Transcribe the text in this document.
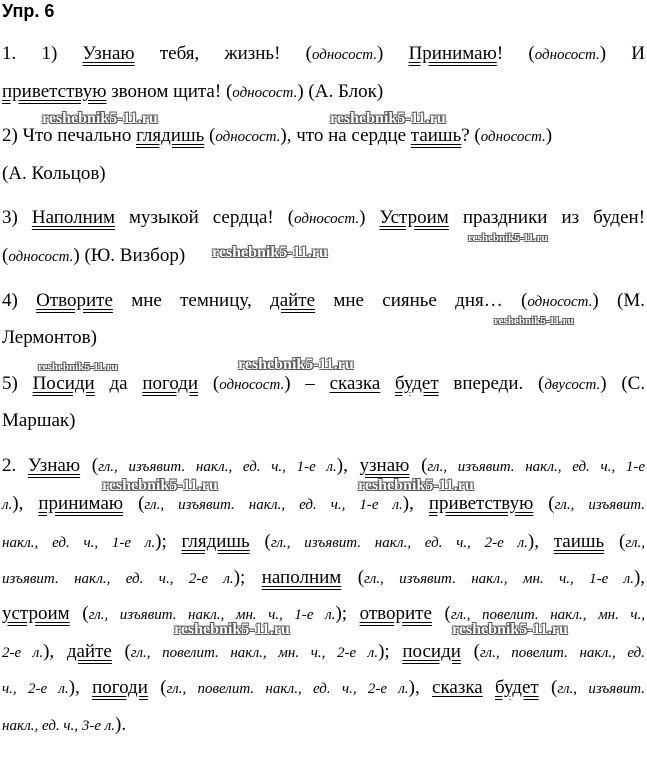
Упр. 6
1. 1) Узнаю тебя, жизнь! (односост.) Принимаю! (односост.) И
приветствую звоном щита! (односост.) (А. Блок)
2) Что печально глядишь (односост.), что на сердце таишь? (односост.)
(А. Кольцов)
3) Наполним музыкой сердца! (односост.) Устроим праздники из буден!
(односост.) (Ю. Визбор)
4) Отворите мне темницу, дайте мне сиянье дня… (односост.) (М.
Лермонтов)
5) Посиди да погоди (односост.) – сказка будет впереди. (двусост.) (С.
Маршак)
2. Узнаю (гл., изъявит. накл., ед. ч., 1-е л.), узнаю (гл., изъявит. накл., ед. ч., 1-е
л.), принимаю (гл., изъявит. накл., ед. ч., 1-е л.), приветствую (гл., изъявит.
накл., ед. ч., 1-е л.); глядишь (гл., изъявит. накл., ед. ч., 2-е л.), таишь (гл.,
изъявит. накл., ед. ч., 2-е л.); наполним (гл., изъявит. накл., мн. ч., 1-е л.),
устроим (гл., изъявит. накл., мн. ч., 1-е л.); отворите (гл., повелит. накл., мн. ч.,
2-е л.), дайте (гл., повелит. накл., мн. ч., 2-е л.); посиди (гл., повелит. накл., ед.
ч., 2-е л.), погоди (гл., повелит. накл., ед. ч., 2-е л.), сказка будет (гл., изъявит.
накл., ед. ч., 3-е л.).
reshebnik5-11.ru	reshebnik5-11.ru
reshebnik5-11.ru
reshebnik5-11.ru
reshebnik5-11.ru
reshebnik5-11.ru	reshebnik5-11.ru
reshebnik5-11.ru	reshebnik5-11.ru
reshebnik5-11.ru	reshebnik5-11.ru
